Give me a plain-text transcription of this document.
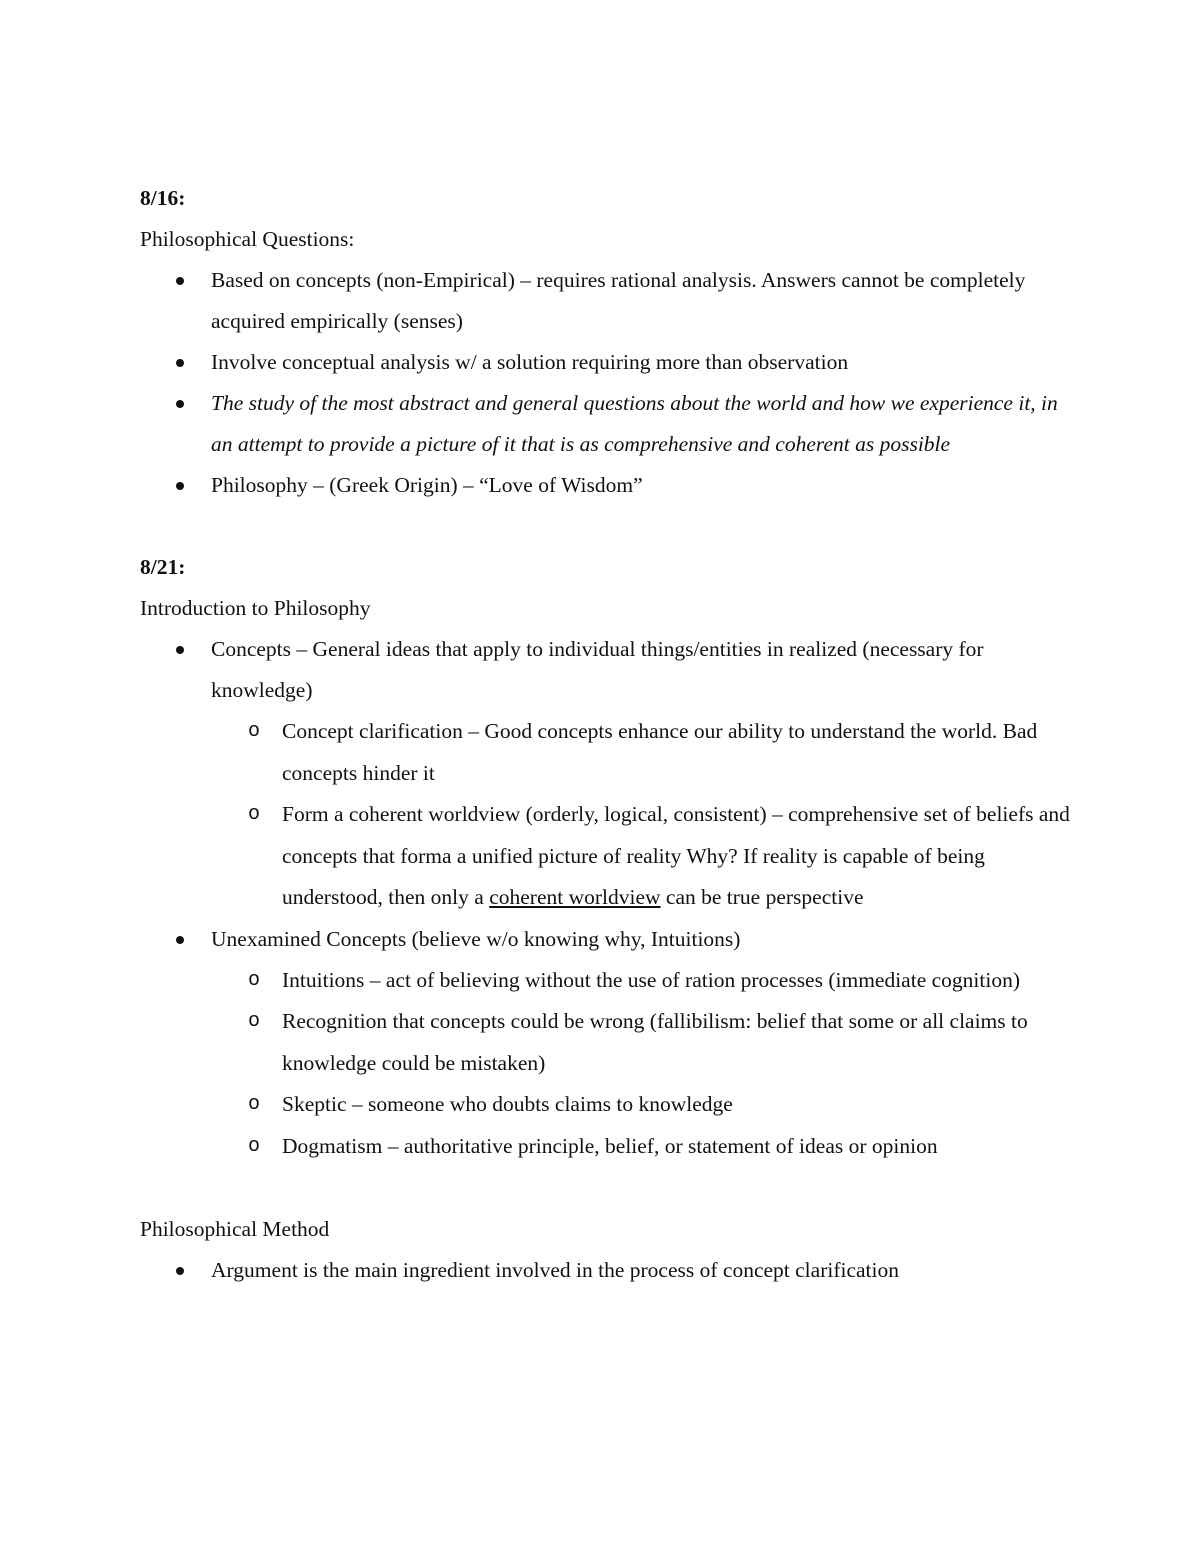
8/16:
Philosophical Questions:
Based on concepts (non-Empirical) – requires rational analysis. Answers cannot be completely acquired empirically (senses)
Involve conceptual analysis w/ a solution requiring more than observation
The study of the most abstract and general questions about the world and how we experience it, in an attempt to provide a picture of it that is as comprehensive and coherent as possible
Philosophy – (Greek Origin) – “Love of Wisdom”
8/21:
Introduction to Philosophy
Concepts – General ideas that apply to individual things/entities in realized (necessary for knowledge)
o	Concept clarification – Good concepts enhance our ability to understand the world. Bad concepts hinder it
o	Form a coherent worldview (orderly, logical, consistent) – comprehensive set of beliefs and concepts that forma a unified picture of reality Why? If reality is capable of being understood, then only a coherent worldview can be true perspective
Unexamined Concepts (believe w/o knowing why, Intuitions)
o	Intuitions – act of believing without the use of ration processes (immediate cognition)
o	Recognition that concepts could be wrong (fallibilism: belief that some or all claims to knowledge could be mistaken)
o	Skeptic – someone who doubts claims to knowledge
o	Dogmatism – authoritative principle, belief, or statement of ideas or opinion
Philosophical Method
Argument is the main ingredient involved in the process of concept clarification
